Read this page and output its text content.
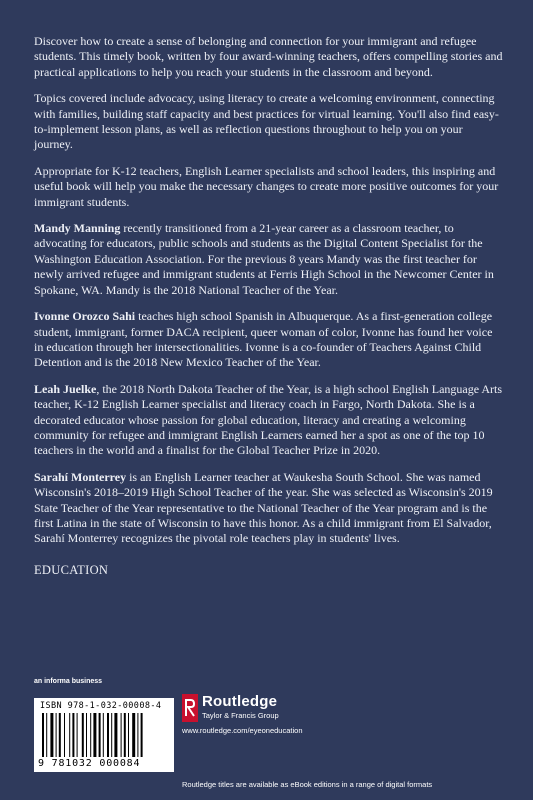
Discover how to create a sense of belonging and connection for your immigrant and refugee students. This timely book, written by four award-winning teachers, offers compelling stories and practical applications to help you reach your students in the classroom and beyond.

Topics covered include advocacy, using literacy to create a welcoming environment, connecting with families, building staff capacity and best practices for virtual learning. You'll also find easy-to-implement lesson plans, as well as reflection questions throughout to help you on your journey.

Appropriate for K-12 teachers, English Learner specialists and school leaders, this inspiring and useful book will help you make the necessary changes to create more positive outcomes for your immigrant students.

Mandy Manning recently transitioned from a 21-year career as a classroom teacher, to advocating for educators, public schools and students as the Digital Content Specialist for the Washington Education Association. For the previous 8 years Mandy was the first teacher for newly arrived refugee and immigrant students at Ferris High School in the Newcomer Center in Spokane, WA. Mandy is the 2018 National Teacher of the Year.

Ivonne Orozco Sahi teaches high school Spanish in Albuquerque. As a first-generation college student, immigrant, former DACA recipient, queer woman of color, Ivonne has found her voice in education through her intersectionalities. Ivonne is a co-founder of Teachers Against Child Detention and is the 2018 New Mexico Teacher of the Year.

Leah Juelke, the 2018 North Dakota Teacher of the Year, is a high school English Language Arts teacher, K-12 English Learner specialist and literacy coach in Fargo, North Dakota. She is a decorated educator whose passion for global education, literacy and creating a welcoming community for refugee and immigrant English Learners earned her a spot as one of the top 10 teachers in the world and a finalist for the Global Teacher Prize in 2020.

Sarahí Monterrey is an English Learner teacher at Waukesha South School. She was named Wisconsin's 2018–2019 High School Teacher of the year. She was selected as Wisconsin's 2019 State Teacher of the Year representative to the National Teacher of the Year program and is the first Latina in the state of Wisconsin to have this honor. As a child immigrant from El Salvador, Sarahí Monterrey recognizes the pivotal role teachers play in students' lives.

EDUCATION
an informa business
ISBN 978-1-032-00008-4
9 781032 000084
Routledge
Taylor & Francis Group
www.routledge.com/eyeoneducation
Routledge titles are available as eBook editions in a range of digital formats
